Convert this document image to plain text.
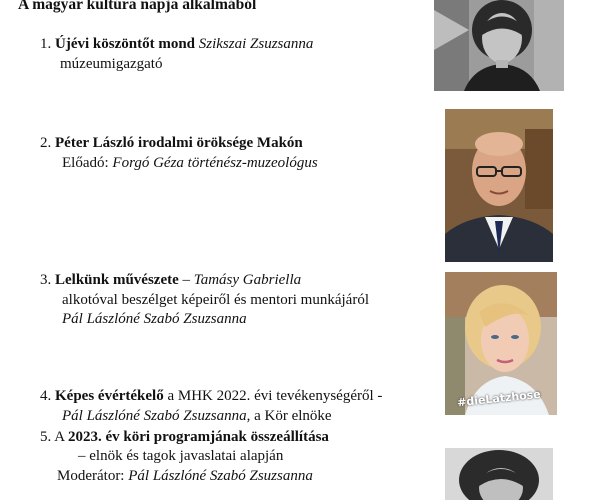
A magyar kultúra napja alkalmából
1. Újévi köszöntőt mond Szikszai Zsuzsanna
múzeumigazgató
2. Péter László irodalmi öröksége Makón
Előadó: Forgó Géza történész-muzeológus
3. Lelkünk művészete – Tamásy Gabriella
alkotóval beszélget képeiről és mentori munkájáról
Pál Lászlóné Szabó Zsuzsanna
4. Képes évértékelő a MHK 2022. évi tevékenységéről -
Pál Lászlóné Szabó Zsuzsanna, a Kör elnöke
5. A 2023. év köri programjának összeállítása
– elnök és tagok javaslatai alapján
Moderátor: Pál Lászlóné Szabó Zsuzsanna
#dieLatzhose
